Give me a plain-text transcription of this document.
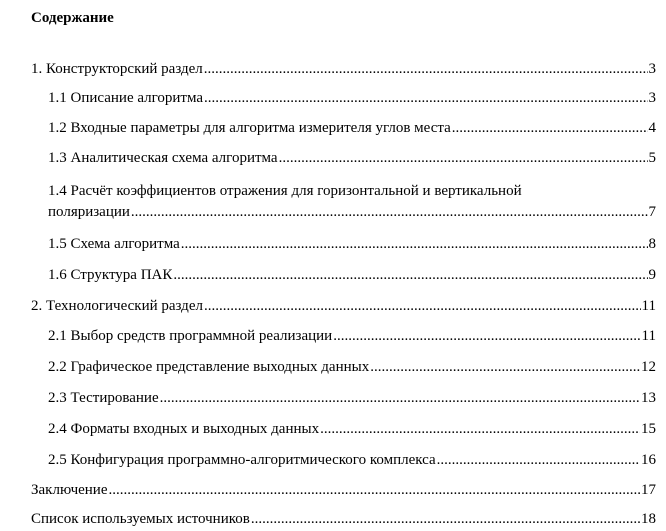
Содержание
1. Конструкторский раздел .....	3
1.1 Описание алгоритма .....	3
1.2 Входные параметры для алгоритма измерителя углов места .....	4
1.3 Аналитическая схема алгоритма .....	5
1.4 Расчёт коэффициентов отражения для горизонтальной и вертикальной
поляризации .....	7
1.5 Схема алгоритма .....	8
1.6 Структура ПАК .....	9
2. Технологический раздел .....	11
2.1 Выбор средств программной реализации .....	11
2.2 Графическое представление выходных данных .....	12
2.3 Тестирование .....	13
2.4 Форматы входных и выходных данных .....	15
2.5 Конфигурация программно-алгоритмического комплекса .....	16
Заключение .....	17
Список используемых источников .....	18
